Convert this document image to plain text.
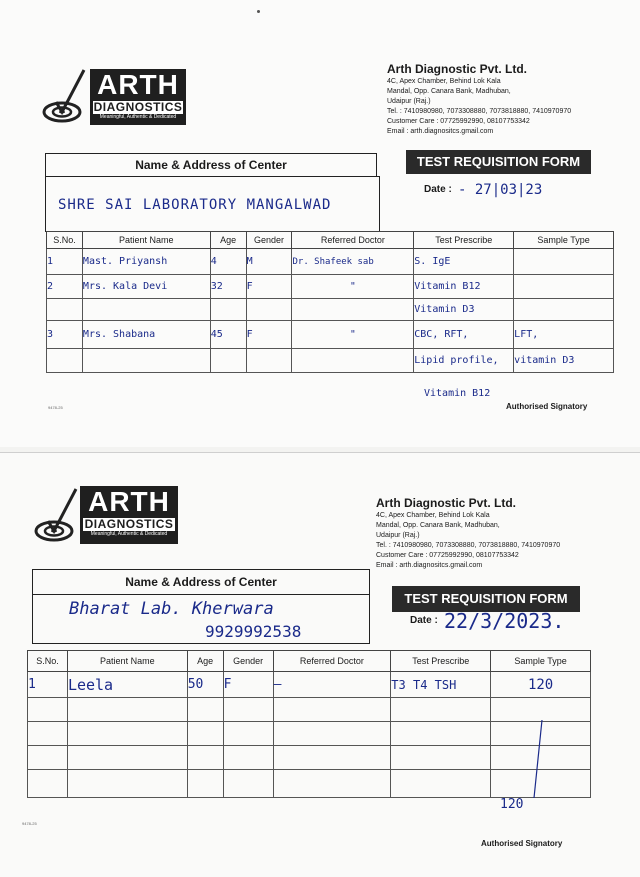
ARTH
DIAGNOSTICS
Meaningful, Authentic & Dedicated
Arth Diagnostic Pvt. Ltd.
4C, Apex Chamber, Behind Lok Kala
Mandal, Opp. Canara Bank, Madhuban,
Udaipur (Raj.)
Tel. : 7410980980, 7073308880, 7073818880, 7410970970
Customer Care : 07725992990, 08107753342
Email : arth.diagnositcs.gmail.com
Name & Address of Center
SHRE SAI LABORATORY MANGALWAD
TEST REQUISITION FORM
Date : - 27|03|23
S.No.	Patient Name	Age	Gender	Referred Doctor	Test Prescribe	Sample Type
1	Mast. Priyansh	4	M	Dr. Shafeek sab	S. IgE	
2	Mrs. Kala Devi	32	F	"	Vitamin B12	
					Vitamin D3	
3	Mrs. Shabana	45	F	"	CBC, RFT,	LFT,
					Lipid profile,	vitamin D3
Vitamin B12
9478-25	Authorised Signatory
ARTH
DIAGNOSTICS
Meaningful, Authentic & Dedicated
Arth Diagnostic Pvt. Ltd.
4C, Apex Chamber, Behind Lok Kala
Mandal, Opp. Canara Bank, Madhuban,
Udaipur (Raj.)
Tel. : 7410980980, 7073308880, 7073818880, 7410970970
Customer Care : 07725992990, 08107753342
Email : arth.diagnositcs.gmail.com
Name & Address of Center
Bharat Lab. Kherwara
9929992538
TEST REQUISITION FORM
Date : 22/3/2023.
S.No.	Patient Name	Age	Gender	Referred Doctor	Test Prescribe	Sample Type
1	Leela	50	F	—	T3 T4 TSH	120

120
9478-25
Authorised Signatory
